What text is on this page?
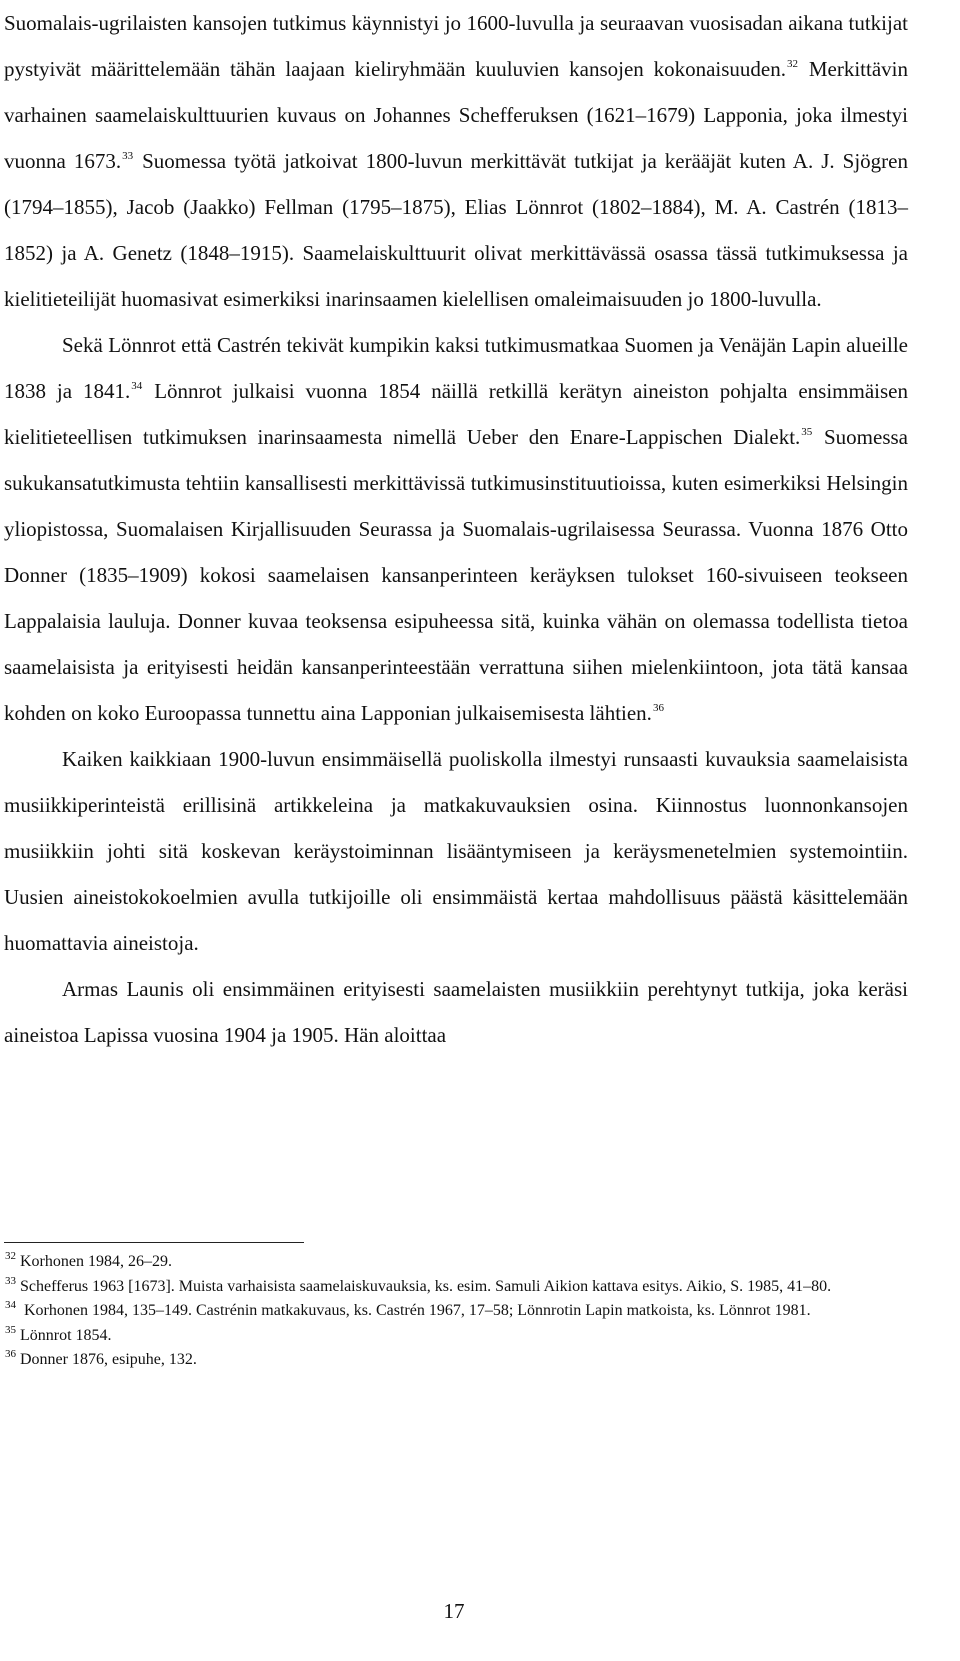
Suomalais-ugrilaisten kansojen tutkimus käynnistyi jo 1600-luvulla ja seuraavan vuosisadan aikana tutkijat pystyivät määrittelemään tähän laajaan kieliryhmään kuuluvien kansojen kokonaisuuden.$^{32}$ Merkittävin varhainen saamelaiskulttuurien kuvaus on Johannes Schefferuksen (1621–1679) Lapponia, joka ilmestyi vuonna 1673.33 Suomessa työtä jatkoivat 1800-luvun merkittävät tutkijat ja kerääjät kuten A. J. Sjögren (1794–1855), Jacob (Jaakko) Fellman (1795–1875), Elias Lönnrot (1802–1884), M. A. Castrén (1813–1852) ja A. Genetz (1848–1915). Saamelaiskulttuurit olivat merkittävässä osassa tässä tutkimuksessa ja kielitieteilijät huomasivat esimerkiksi inarinsaamen kielellisen omaleimaisuuden jo 1800-luvulla.

Sekä Lönnrot että Castrén tekivät kumpikin kaksi tutkimusmatkaa Suomen ja Venäjän Lapin alueille 1838 ja 1841.34 Lönnrot julkaisi vuonna 1854 näillä retkillä kerätyn aineiston pohjalta ensimmäisen kielitieteellisen tutkimuksen inarinsaamesta nimellä Ueber den Enare-Lappischen Dialekt.$^{35}$ Suomessa sukukansatutkimusta tehtiin kansallisesti merkittävissä tutkimusinstituutioissa, kuten esimerkiksi Helsingin yliopistossa, Suomalaisen Kirjallisuuden Seurassa ja Suomalais-ugrilaisessa Seurassa. Vuonna 1876 Otto Donner (1835–1909) kokosi saamelaisen kansanperinteen keräyksen tulokset 160-sivuiseen teokseen Lappalaisia lauluja. Donner kuvaa teoksensa esipuheessa sitä, kuinka vähän on olemassa todellista tietoa saamelaisista ja erityisesti heidän kansanperinteestään verrattuna siihen mielenkiintoon, jota tätä kansaa kohden on koko Euroopassa tunnettu aina Lapponian julkaisemisesta lähtien.$^{36}$

Kaiken kaikkiaan 1900-luvun ensimmäisellä puoliskolla ilmestyi runsaasti kuvauksia saamelaisista musiikkiperinteistä erillisinä artikkeleina ja matkakuvauksien osina. Kiinnostus luonnonkansojen musiikkiin johti sitä koskevan keräystoiminnan lisääntymiseen ja keräysmenetelmien systemointiin. Uusien aineistokokoelmien avulla tutkijoille oli ensimmäistä kertaa mahdollisuus päästä käsittelemään huomattavia aineistoja.

Armas Launis oli ensimmäinen erityisesti saamelaisten musiikkiin perehtynyt tutkija, joka keräsi aineistoa Lapissa vuosina 1904 ja 1905. Hän aloittaa

$^{32}$ Korhonen 1984, 26–29.

$^{33}$ Schefferus 1963 [1673]. Muista varhaisista saamelaiskuvauksia, ks. esim. Samuli Aikion kattava esitys. Aikio, S. 1985, 41–80.

$^{34}$ Korhonen 1984, 135–149. Castrénin matkakuvaus, ks. Castrén 1967, 17–58; Lönnrotin Lapin matkoista, ks. Lönnrot 1981.

$^{35}$ Lönnrot 1854.

$^{36}$ Donner 1876, esipuhe, 132.

17
